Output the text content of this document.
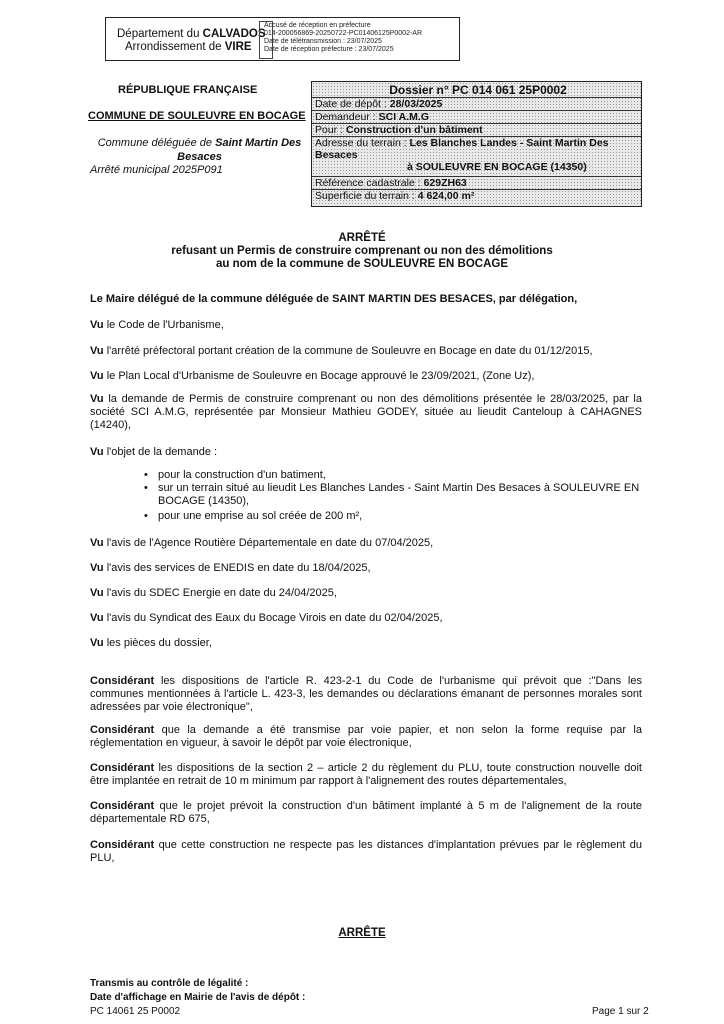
Département du CALVADOS
Arrondissement de VIRE
Accusé de réception en préfecture
014-200056869-20250722-PC01406125P0002-AR
Date de télétransmission : 23/07/2025
Date de réception préfecture : 23/07/2025
RÉPUBLIQUE FRANÇAISE
COMMUNE DE SOULEUVRE EN BOCAGE
Commune déléguée de Saint Martin Des Besaces
Arrêté municipal 2025P091
Dossier n° PC 014 061 25P0002
Date de dépôt : 28/03/2025
Demandeur : SCI A.M.G
Pour : Construction d'un bâtiment
Adresse du terrain : Les Blanches Landes - Saint Martin Des Besaces
à SOULEUVRE EN BOCAGE (14350)
Référence cadastrale : 629ZH63
Superficie du terrain : 4 624,00 m²
ARRÊTÉ
refusant un Permis de construire comprenant ou non des démolitions
au nom de la commune de SOULEUVRE EN BOCAGE
Le Maire délégué de la commune déléguée de SAINT MARTIN DES BESACES, par délégation,
Vu le Code de l'Urbanisme,
Vu l'arrêté préfectoral portant création de la commune de Souleuvre en Bocage en date du 01/12/2015,
Vu le Plan Local d'Urbanisme de Souleuvre en Bocage approuvé le 23/09/2021, (Zone Uz),
Vu la demande de Permis de construire comprenant ou non des démolitions présentée le 28/03/2025, par la société SCI A.M.G, représentée par Monsieur Mathieu GODEY, située au lieudit Canteloup à CAHAGNES (14240),
Vu l'objet de la demande :
• pour la construction d'un batiment,
• sur un terrain situé au lieudit Les Blanches Landes - Saint Martin Des Besaces à SOULEUVRE EN BOCAGE (14350),
• pour une emprise au sol créée de 200 m²,
Vu l'avis de l'Agence Routière Départementale en date du 07/04/2025,
Vu l'avis des services de ENEDIS en date du 18/04/2025,
Vu l'avis du SDEC Energie en date du 24/04/2025,
Vu l'avis du Syndicat des Eaux du Bocage Virois en date du 02/04/2025,
Vu les pièces du dossier,
Considérant les dispositions de l'article R. 423-2-1 du Code de l'urbanisme qui prévoit que :"Dans les communes mentionnées à l'article L. 423-3, les demandes ou déclarations émanant de personnes morales sont adressées par voie électronique",
Considérant que la demande a été transmise par voie papier, et non selon la forme requise par la réglementation en vigueur, à savoir le dépôt par voie électronique,
Considérant les dispositions de la section 2 – article 2 du règlement du PLU, toute construction nouvelle doit être implantée en retrait de 10 m minimum par rapport à l'alignement des routes départementales,
Considérant que le projet prévoit la construction d'un bâtiment implanté à 5 m de l'alignement de la route départementale RD 675,
Considérant que cette construction ne respecte pas les distances d'implantation prévues par le règlement du PLU,
ARRÊTE
Transmis au contrôle de légalité :
Date d'affichage en Mairie de l'avis de dépôt :
PC 14061 25 P0002	Page 1 sur 2
